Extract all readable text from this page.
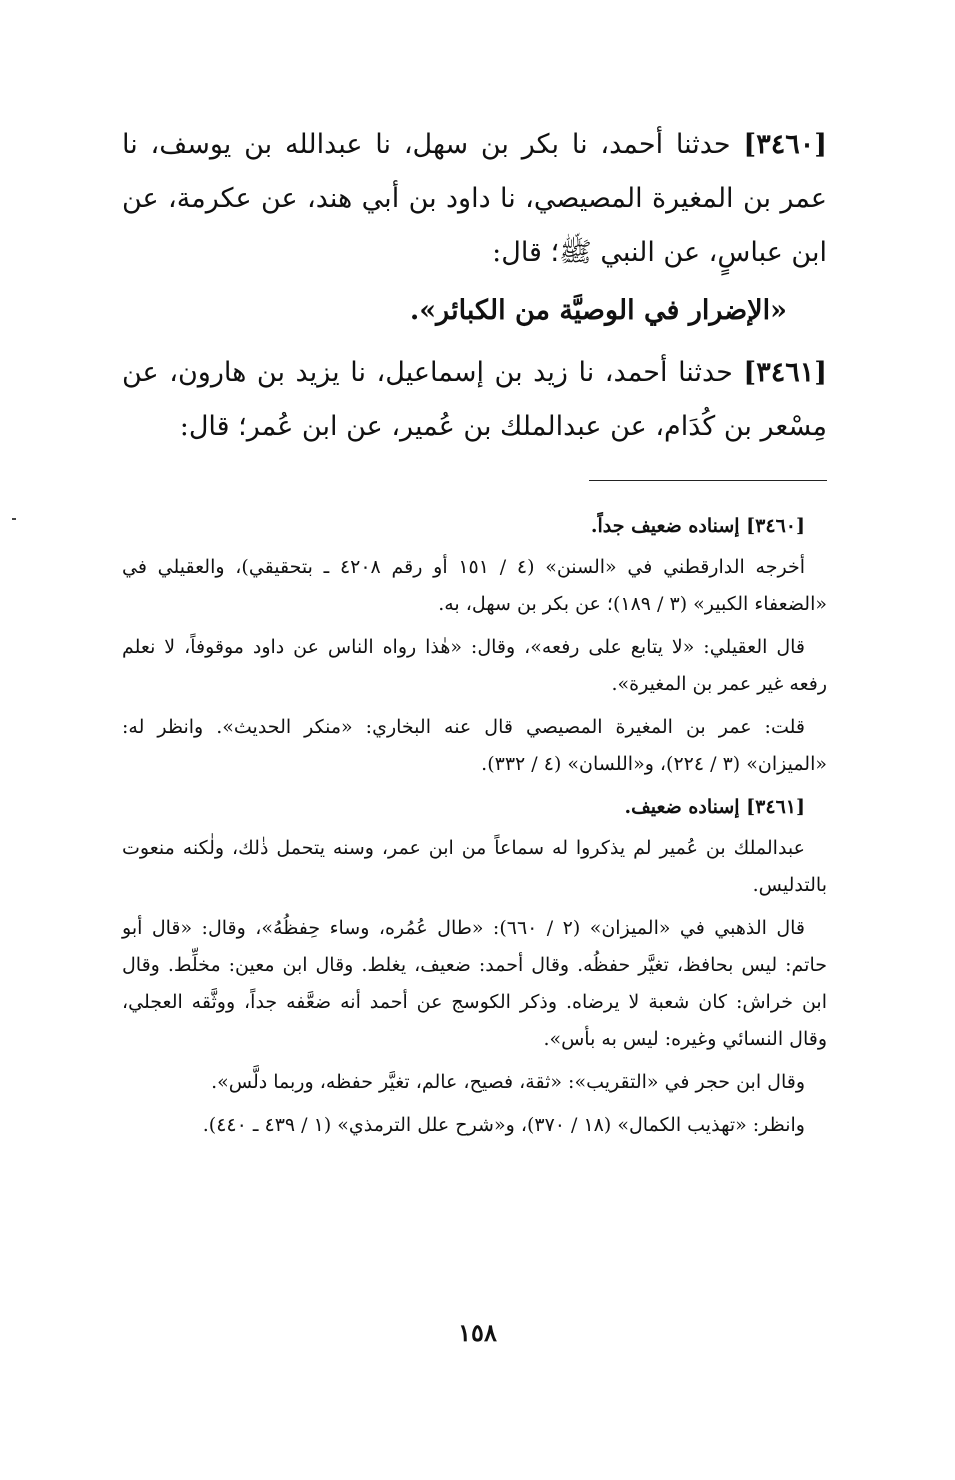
[٣٤٦٠] حدثنا أحمد، نا بكر بن سهل، نا عبدالله بن يوسف، نا عمر بن المغيرة المصيصي، نا داود بن أبي هند، عن عكرمة، عن ابن عباسٍ، عن النبي ﷺ؛ قال:

«الإضرار في الوصيَّة من الكبائر».

[٣٤٦١] حدثنا أحمد، نا زيد بن إسماعيل، نا يزيد بن هارون، عن مِسْعر بن كُدَام، عن عبدالملك بن عُمير، عن ابن عُمر؛ قال:

[٣٤٦٠] إسناده ضعيف جداً.

أخرجه الدارقطني في «السنن» (٤ / ١٥١ أو رقم ٤٢٠٨ ـ بتحقيقي)، والعقيلي في «الضعفاء الكبير» (٣ / ١٨٩)؛ عن بكر بن سهل، به.

قال العقيلي: «لا يتابع على رفعه»، وقال: «هٰذا رواه الناس عن داود موقوفاً، لا نعلم رفعه غير عمر بن المغيرة».

قلت: عمر بن المغيرة المصيصي قال عنه البخاري: «منكر الحديث». وانظر له: «الميزان» (٣ / ٢٢٤)، و«اللسان» (٤ / ٣٣٢).

[٣٤٦١] إسناده ضعيف.

عبدالملك بن عُمير لم يذكروا له سماعاً من ابن عمر، وسنه يتحمل ذٰلك، ولٰكنه منعوت بالتدليس.

قال الذهبي في «الميزان» (٢ / ٦٦٠): «طال عُمُره، وساء حِفظُهُ»، وقال: «قال أبو حاتم: ليس بحافظ، تغيَّر حفظُه. وقال أحمد: ضعيف، يغلط. وقال ابن معين: مخلِّط. وقال ابن خراش: كان شعبة لا يرضاه. وذكر الكوسج عن أحمد أنه ضعَّفه جداً، ووثَّقه العجلي، وقال النسائي وغيره: ليس به بأس».

وقال ابن حجر في «التقريب»: «ثقة، فصيح، عالم، تغيَّر حفظه، وربما دلَّس».

وانظر: «تهذيب الكمال» (١٨ / ٣٧٠)، و«شرح علل الترمذي» (١ / ٤٣٩ ـ ٤٤٠).

١٥٨
